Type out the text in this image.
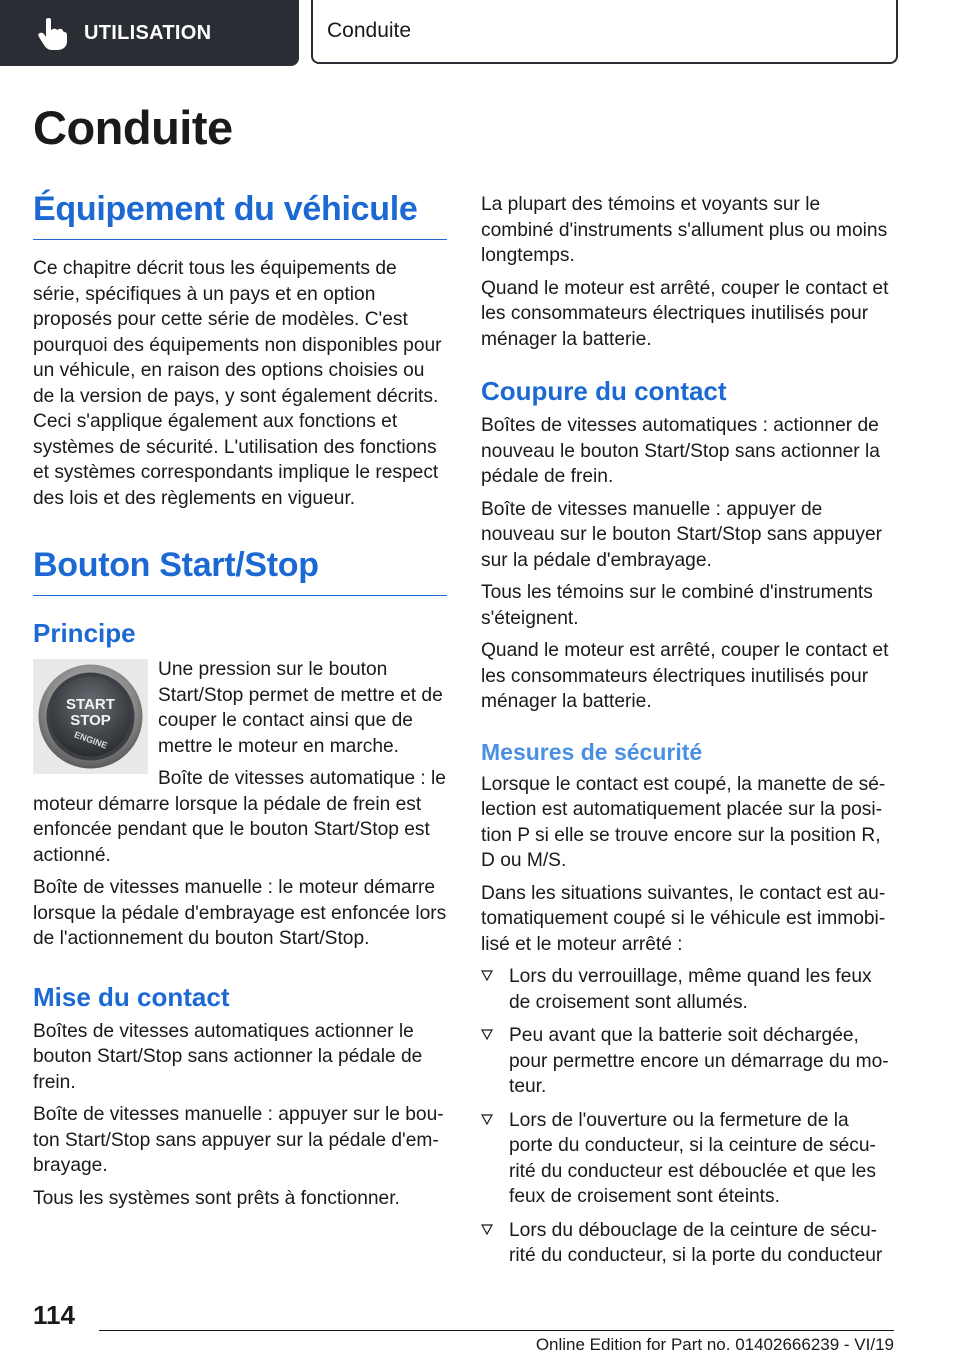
UTILISATION	Conduite
Conduite
Équipement du véhicule

Ce chapitre décrit tous les équipements de série, spécifiques à un pays et en option proposés pour cette série de modèles. C'est pourquoi des équipements non disponibles pour un véhicule, en raison des options choisies ou de la version de pays, y sont également décrits. Ceci s'applique également aux fonctions et systèmes de sécurité. L'utilisation des fonctions et systèmes correspondants implique le respect des lois et des règlements en vigueur.

Bouton Start/Stop
Principe
START
STOP
ENGINE

Une pression sur le bouton Start/Stop permet de mettre et de couper le contact ainsi que de mettre le moteur en marche.

Boîte de vitesses automatique : le moteur démarre lorsque la pédale de frein est enfoncée pendant que le bouton Start/Stop est actionné.

Boîte de vitesses manuelle : le moteur démarre lorsque la pédale d'embrayage est enfoncée lors de l'actionnement du bouton Start/Stop.

Mise du contact

Boîtes de vitesses automatiques actionner le bouton Start/Stop sans actionner la pédale de frein.

Boîte de vitesses manuelle : appuyer sur le bouton Start/Stop sans appuyer sur la pédale d'embrayage.

Tous les systèmes sont prêts à fonctionner.

La plupart des témoins et voyants sur le combiné d'instruments s'allument plus ou moins longtemps.

Quand le moteur est arrêté, couper le contact et les consommateurs électriques inutilisés pour ménager la batterie.

Coupure du contact

Boîtes de vitesses automatiques : actionner de nouveau le bouton Start/Stop sans actionner la pédale de frein.

Boîte de vitesses manuelle : appuyer de nouveau sur le bouton Start/Stop sans appuyer sur la pédale d'embrayage.

Tous les témoins sur le combiné d'instruments s'éteignent.

Quand le moteur est arrêté, couper le contact et les consommateurs électriques inutilisés pour ménager la batterie.

Mesures de sécurité

Lorsque le contact est coupé, la manette de sélection est automatiquement placée sur la position P si elle se trouve encore sur la position R, D ou M/S.

Dans les situations suivantes, le contact est automatiquement coupé si le véhicule est immobilisé et le moteur arrêté :

Lors du verrouillage, même quand les feux de croisement sont allumés.
Peu avant que la batterie soit déchargée, pour permettre encore un démarrage du moteur.
Lors de l'ouverture ou la fermeture de la porte du conducteur, si la ceinture de sécurité du conducteur est débouclée et que les feux de croisement sont éteints.
Lors du débouclage de la ceinture de sécurité du conducteur, si la porte du conducteur
114
Online Edition for Part no. 01402666239 - VI/19
